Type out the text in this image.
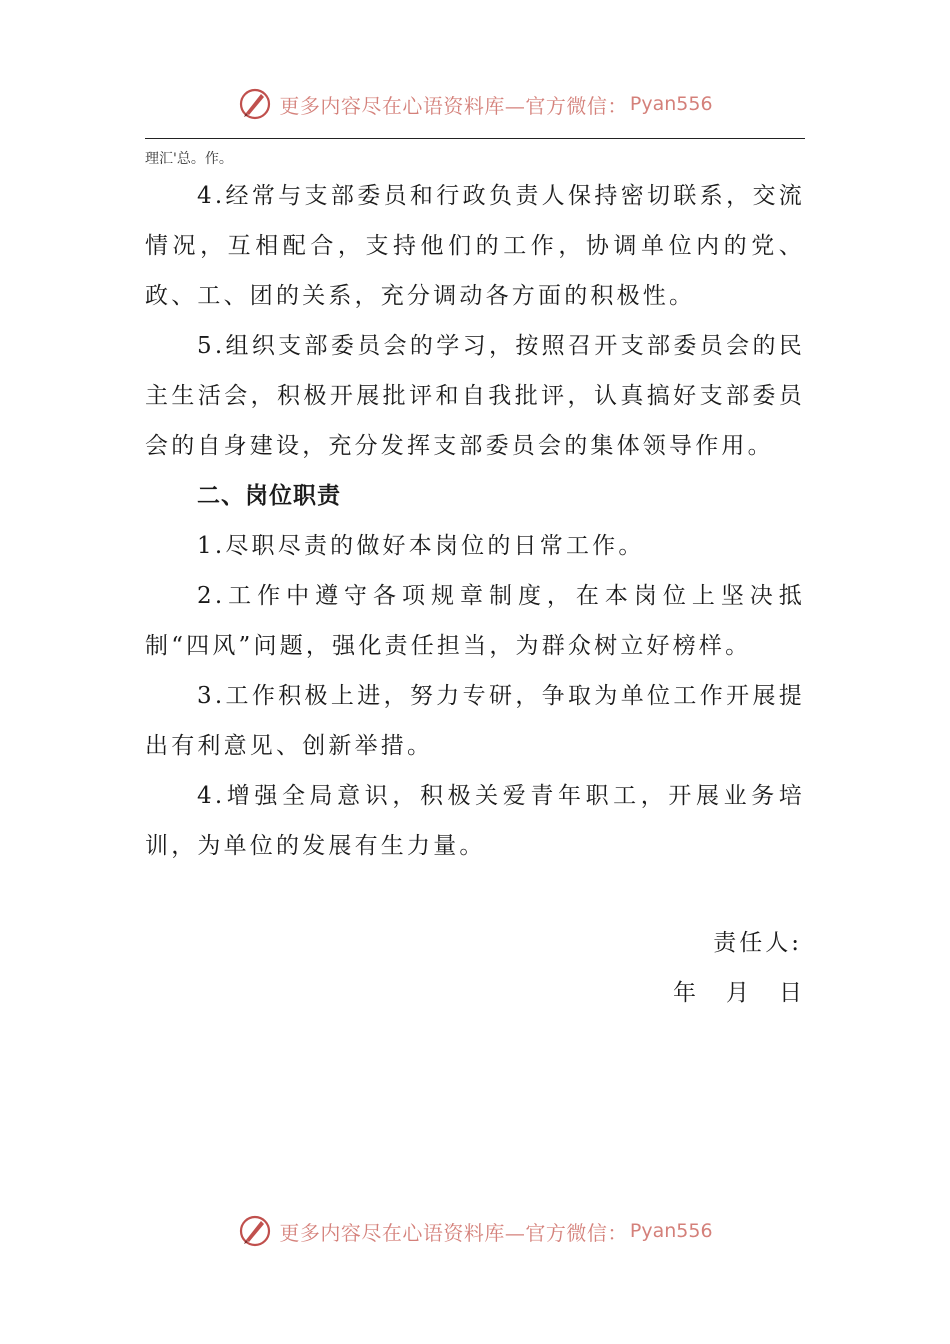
更多内容尽在心语资料库—官方微信： Pyan556
理汇'总。作。

4.经常与支部委员和行政负责人保持密切联系，交流情况，互相配合，支持他们的工作，协调单位内的党、政、工、团的关系，充分调动各方面的积极性。

5.组织支部委员会的学习，按照召开支部委员会的民主生活会，积极开展批评和自我批评，认真搞好支部委员会的自身建设，充分发挥支部委员会的集体领导作用。

二、岗位职责

1.尽职尽责的做好本岗位的日常工作。

2.工作中遵守各项规章制度，在本岗位上坚决抵制“四风”问题，强化责任担当，为群众树立好榜样。

3.工作积极上进，努力专研，争取为单位工作开展提出有利意见、创新举措。

4.增强全局意识，积极关爱青年职工，开展业务培训，为单位的发展有生力量。

责任人:

年 月 日

更多内容尽在心语资料库—官方微信： Pyan556
